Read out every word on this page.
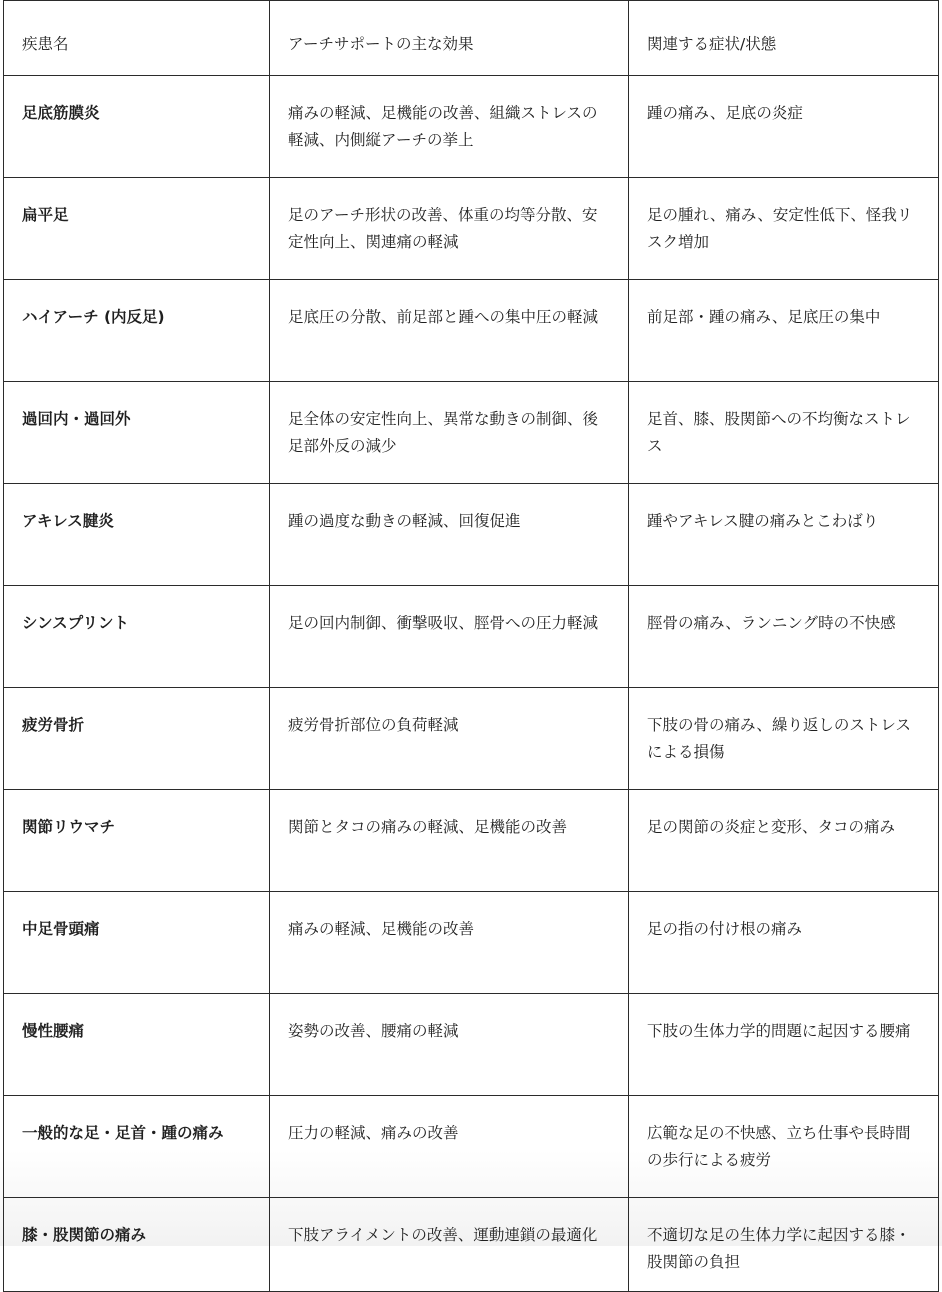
疾患名	アーチサポートの主な効果	関連する症状/状態
足底筋膜炎	痛みの軽減、足機能の改善、組織ストレスの軽減、内側縦アーチの挙上	踵の痛み、足底の炎症
扁平足	足のアーチ形状の改善、体重の均等分散、安定性向上、関連痛の軽減	足の腫れ、痛み、安定性低下、怪我リスク増加
ハイアーチ (内反足)	足底圧の分散、前足部と踵への集中圧の軽減	前足部・踵の痛み、足底圧の集中
過回内・過回外	足全体の安定性向上、異常な動きの制御、後足部外反の減少	足首、膝、股関節への不均衡なストレス
アキレス腱炎	踵の過度な動きの軽減、回復促進	踵やアキレス腱の痛みとこわばり
シンスプリント	足の回内制御、衝撃吸収、脛骨への圧力軽減	脛骨の痛み、ランニング時の不快感
疲労骨折	疲労骨折部位の負荷軽減	下肢の骨の痛み、繰り返しのストレスによる損傷
関節リウマチ	関節とタコの痛みの軽減、足機能の改善	足の関節の炎症と変形、タコの痛み
中足骨頭痛	痛みの軽減、足機能の改善	足の指の付け根の痛み
慢性腰痛	姿勢の改善、腰痛の軽減	下肢の生体力学的問題に起因する腰痛
一般的な足・足首・踵の痛み	圧力の軽減、痛みの改善	広範な足の不快感、立ち仕事や長時間の歩行による疲労
膝・股関節の痛み	下肢アライメントの改善、運動連鎖の最適化	不適切な足の生体力学に起因する膝・股関節の負担
